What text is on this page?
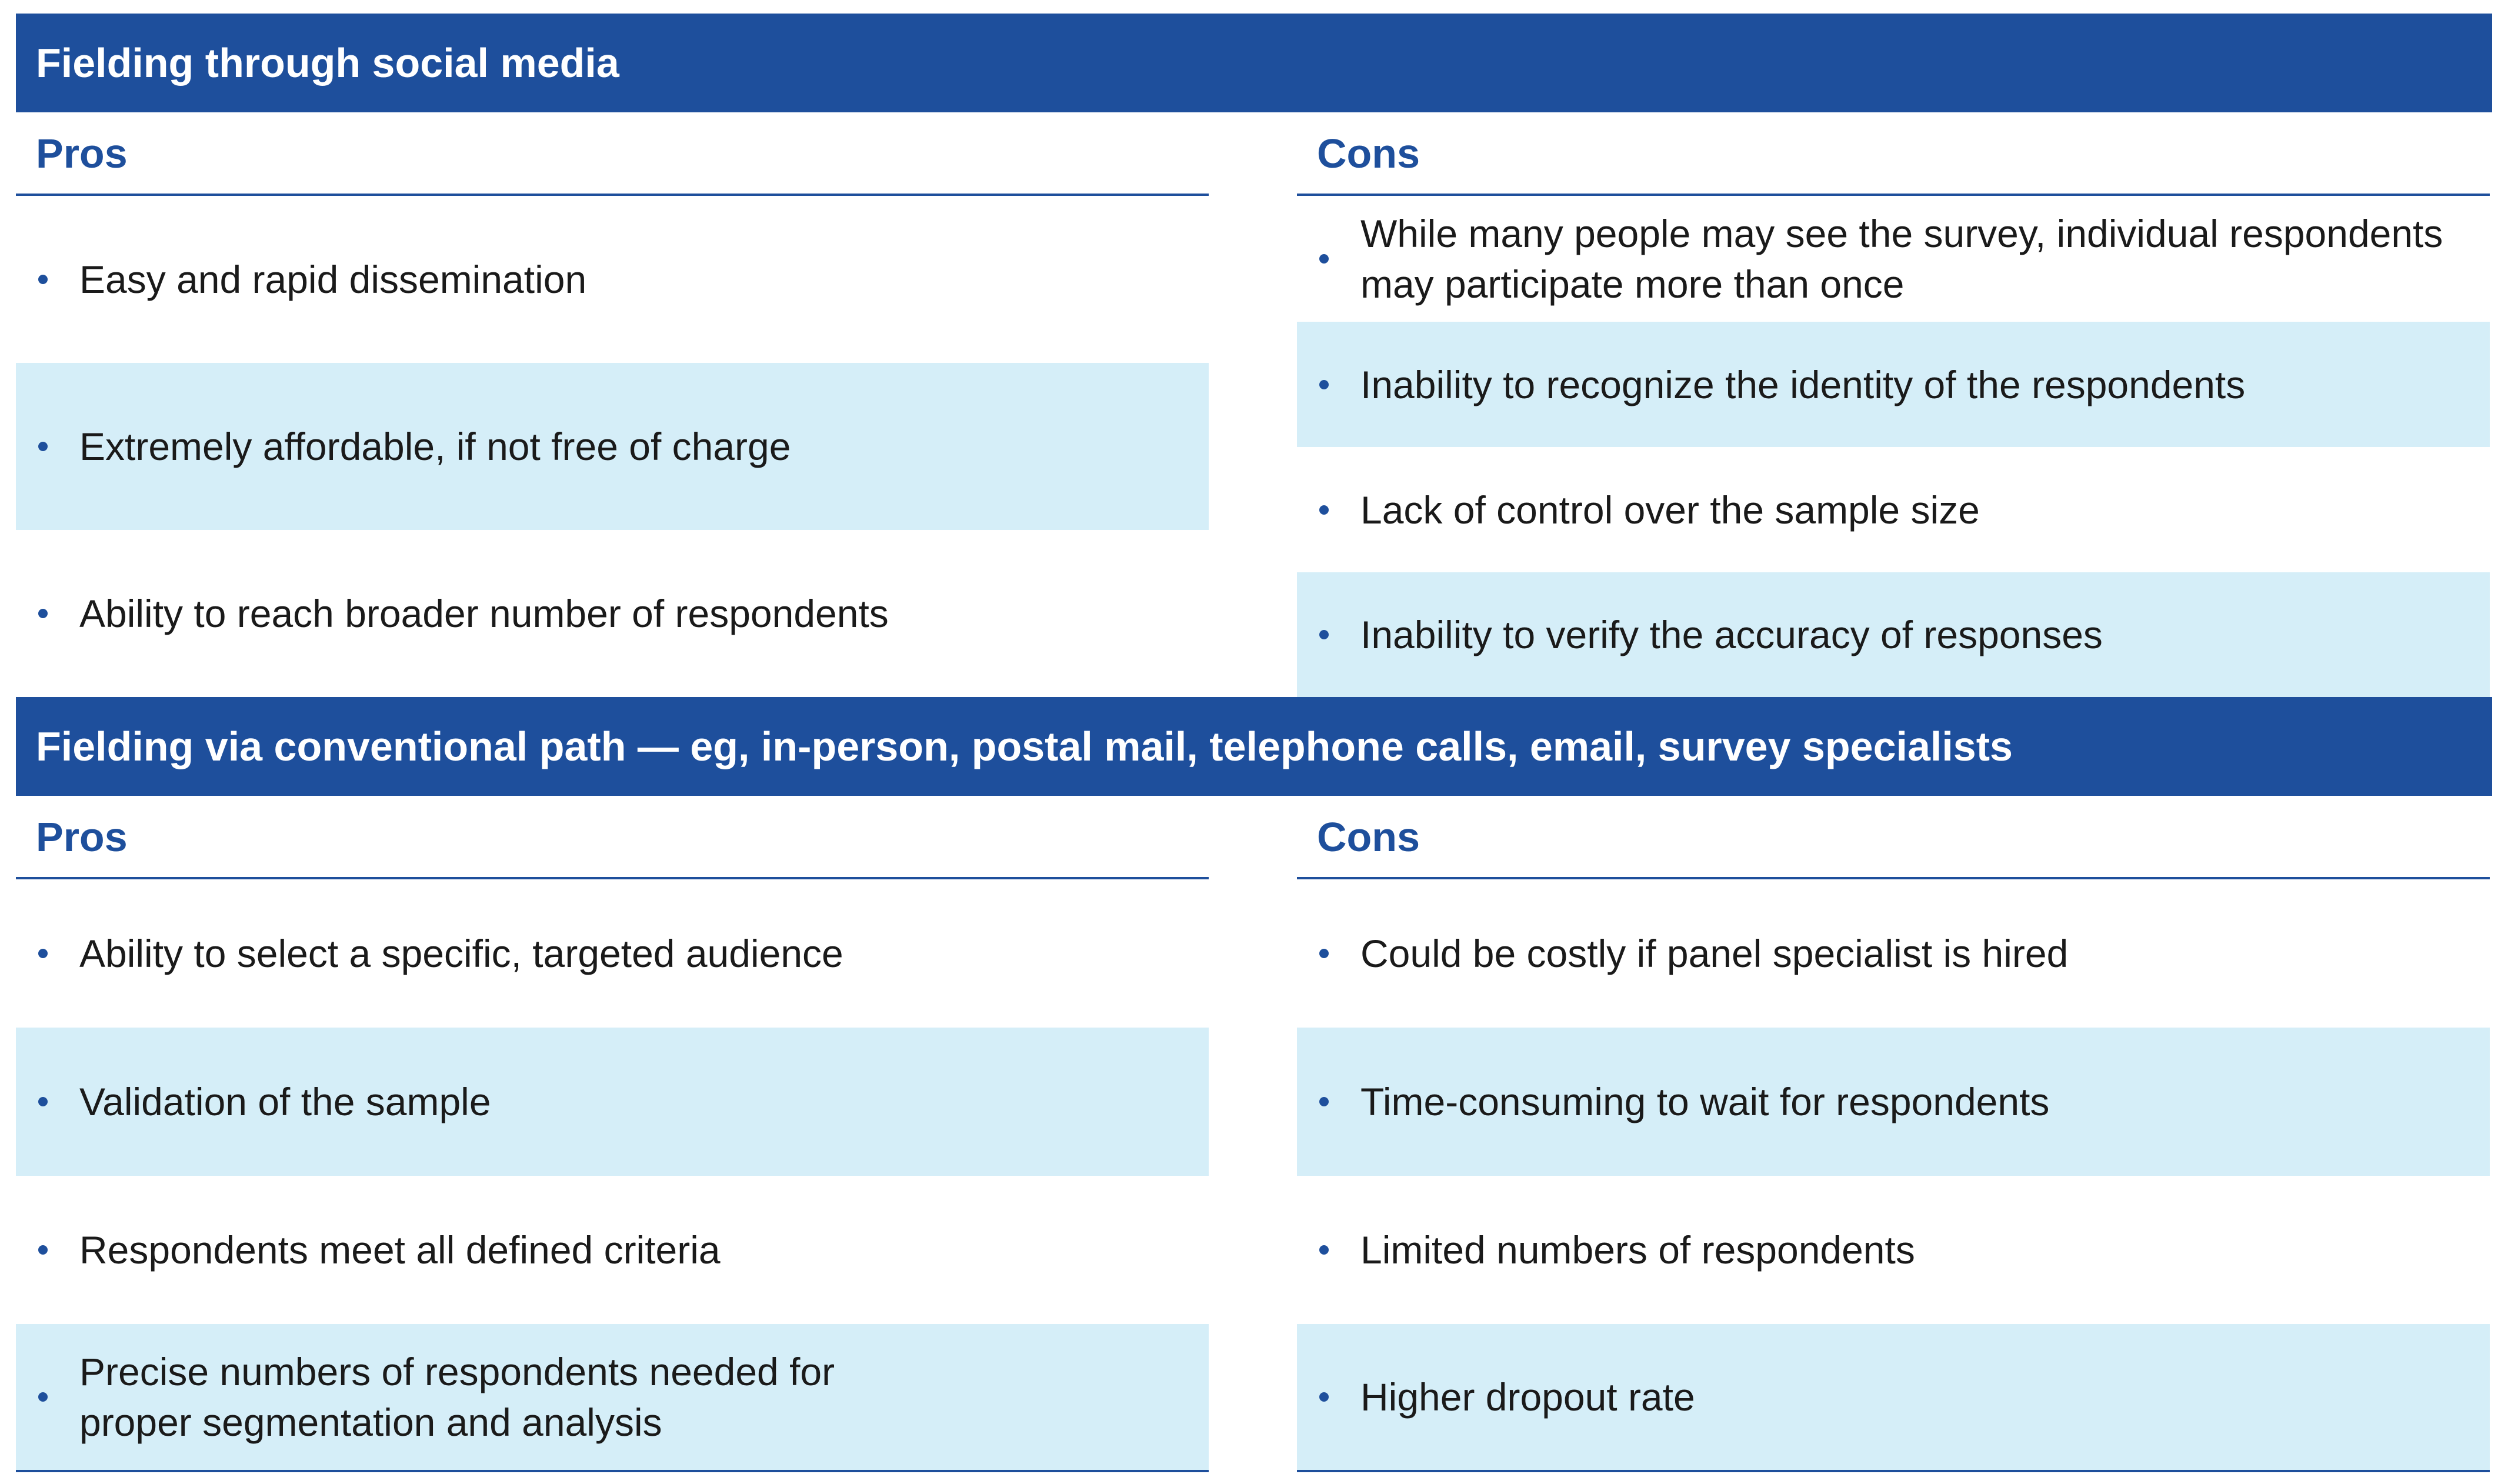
Fielding through social media
Pros
Easy and rapid dissemination
Extremely affordable, if not free of charge
Ability to reach broader number of respondents
Cons
While many people may see the survey, individual respondents may participate more than once
Inability to recognize the identity of the respondents
Lack of control over the sample size
Inability to verify the accuracy of responses
Fielding via conventional path — eg, in-person, postal mail, telephone calls, email, survey specialists
Pros
Ability to select a specific, targeted audience
Validation of the sample
Respondents meet all defined criteria
Precise numbers of respondents needed for proper segmentation and analysis
Cons
Could be costly if panel specialist is hired
Time-consuming to wait for respondents
Limited numbers of respondents
Higher dropout rate
